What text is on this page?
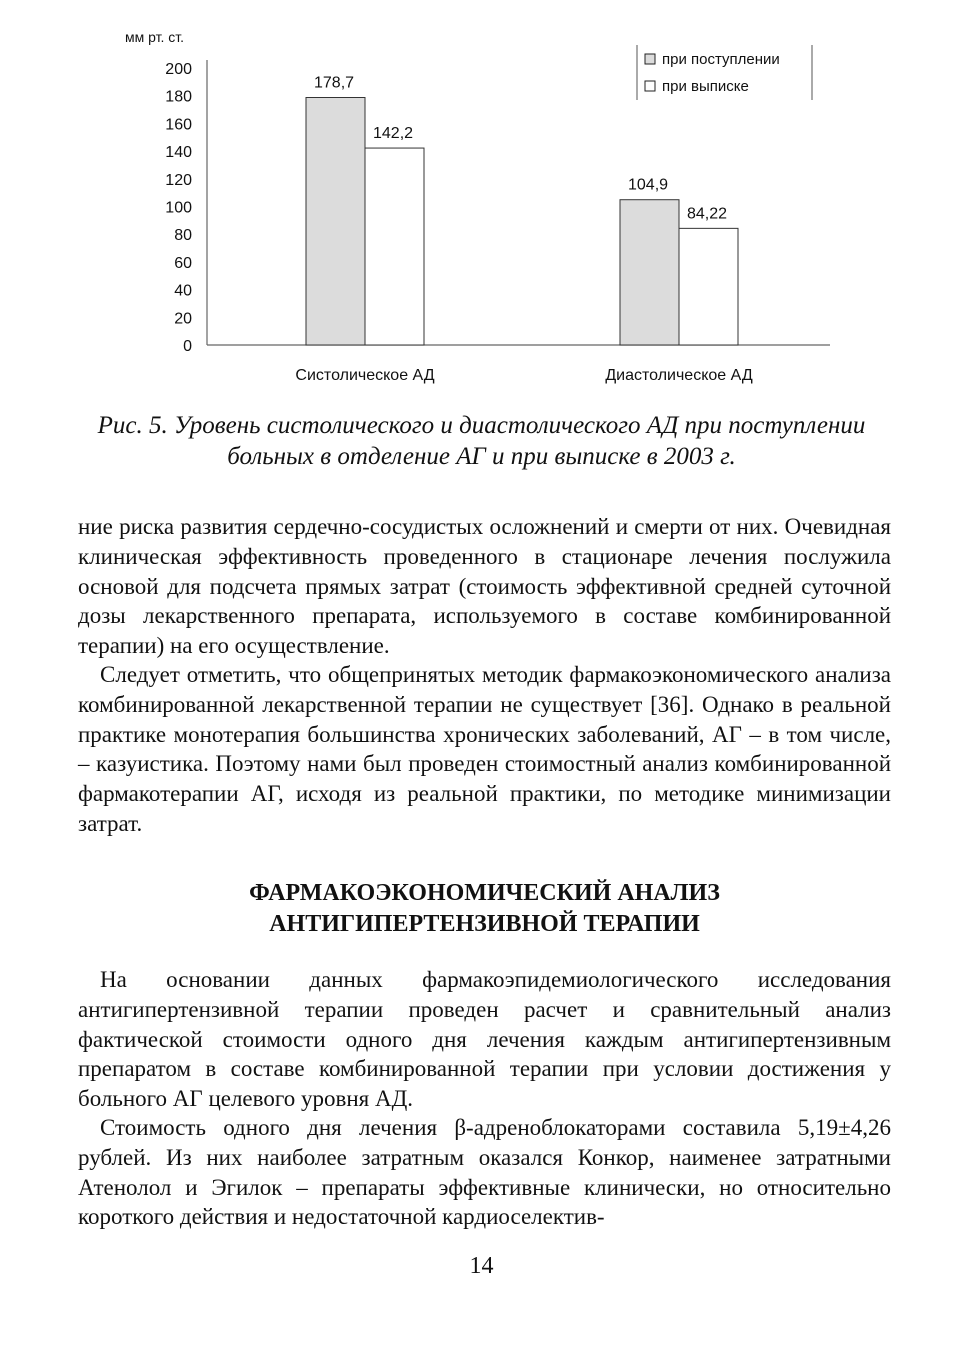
мм рт. ст.
200
180
160
140
120
100
80
60
40
20
0
178,7
142,2
104,9
84,22
Систолическое АД	Диастолическое АД
при поступлении
при выписке
Рис. 5. Уровень систолического и диастолического АД при поступлении больных в отделение АГ и при выписке в 2003 г.

ние риска развития сердечно-сосудистых осложнений и смерти от них. Очевидная клиническая эффективность проведенного в стационаре лечения послужила основой для подсчета прямых затрат (стоимость эффективной средней суточной дозы лекарственного препарата, используемого в составе комбинированной терапии) на его осуществление.

Следует отметить, что общепринятых методик фармакоэкономического анализа комбинированной лекарственной терапии не существует [36]. Однако в реальной практике монотерапия большинства хронических заболеваний, АГ – в том числе, – казуистика. Поэтому нами был проведен стоимостный анализ комбинированной фармакотерапии АГ, исходя из реальной практики, по методике минимизации затрат.

ФАРМАКОЭКОНОМИЧЕСКИЙ АНАЛИЗ
АНТИГИПЕРТЕНЗИВНОЙ ТЕРАПИИ

На основании данных фармакоэпидемиологического исследования антигипертензивной терапии проведен расчет и сравнительный анализ фактической стоимости одного дня лечения каждым антигипертензивным препаратом в составе комбинированной терапии при условии достижения у больного АГ целевого уровня АД.

Стоимость одного дня лечения β-адреноблокаторами составила 5,19±4,26 рублей. Из них наиболее затратным оказался Конкор, наименее затратными Атенолол и Эгилок – препараты эффективные клинически, но относительно короткого действия и недостаточной кардиоселектив-

14
